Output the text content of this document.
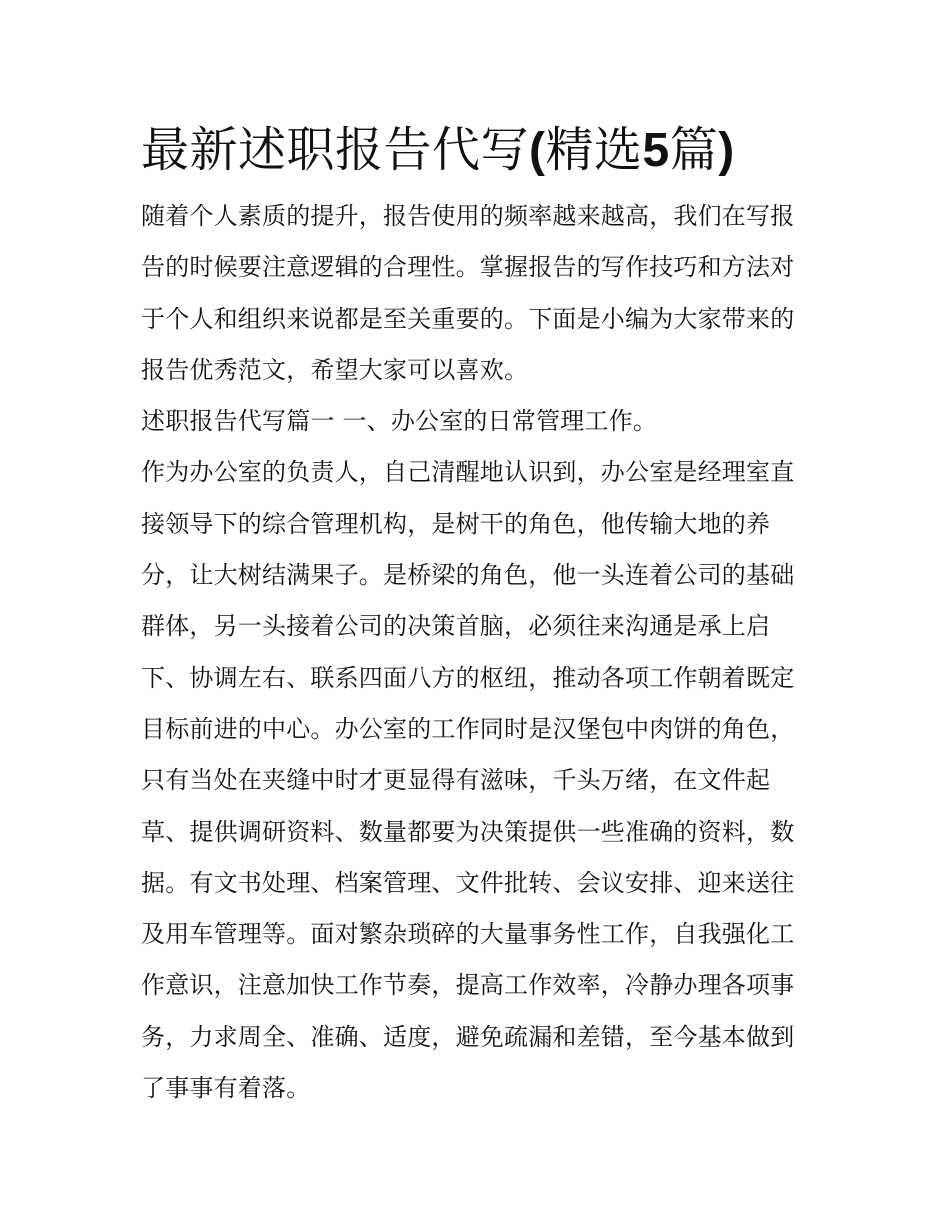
最新述职报告代写(精选5篇)
随着个人素质的提升，报告使用的频率越来越高，我们在写报
告的时候要注意逻辑的合理性。掌握报告的写作技巧和方法对
于个人和组织来说都是至关重要的。下面是小编为大家带来的
报告优秀范文，希望大家可以喜欢。
述职报告代写篇一 一、办公室的日常管理工作。
作为办公室的负责人，自己清醒地认识到，办公室是经理室直
接领导下的综合管理机构，是树干的角色，他传输大地的养
分，让大树结满果子。是桥梁的角色，他一头连着公司的基础
群体，另一头接着公司的决策首脑，必须往来沟通是承上启
下、协调左右、联系四面八方的枢纽，推动各项工作朝着既定
目标前进的中心。办公室的工作同时是汉堡包中肉饼的角色，
只有当处在夹缝中时才更显得有滋味，千头万绪，在文件起
草、提供调研资料、数量都要为决策提供一些准确的资料，数
据。有文书处理、档案管理、文件批转、会议安排、迎来送往
及用车管理等。面对繁杂琐碎的大量事务性工作，自我强化工
作意识，注意加快工作节奏，提高工作效率，冷静办理各项事
务，力求周全、准确、适度，避免疏漏和差错，至今基本做到
了事事有着落。
